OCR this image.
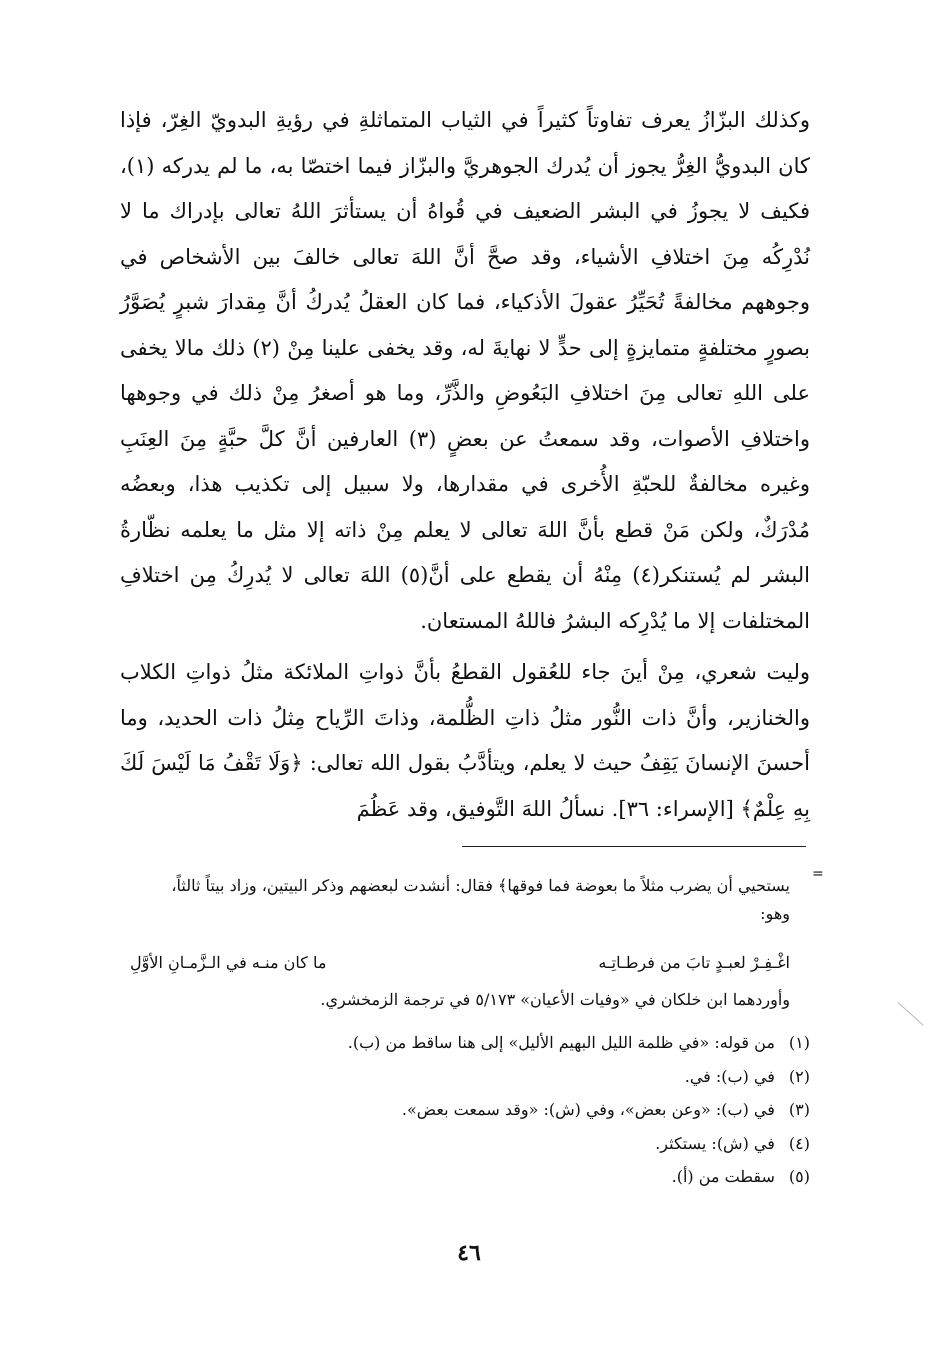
وكذلك البزّازُ يعرف تفاوتاً كثيراً في الثياب المتماثلةِ في رؤيةِ البدويّ الغِرّ، فإذا كان البدويُّ الغِرُّ يجوز أن يُدرك الجوهريَّ والبزّاز فيما اختصّا به، ما لم يدركه (١)، فكيف لا يجوزُ في البشر الضعيف في قُواهُ أن يستأثرَ اللهُ تعالى بإدراك ما لا نُدْرِكُه مِنَ اختلافِ الأشياء، وقد صحَّ أنَّ اللهَ تعالى خالفَ بين الأشخاص في وجوههم مخالفةً تُحَيِّرُ عقولَ الأذكياء، فما كان العقلُ يُدركُ أنَّ مِقدارَ شبرٍ يُصَوَّرُ بصورٍ مختلفةٍ متمايزةٍ إلى حدٍّ لا نهايةَ له، وقد يخفى علينا مِنْ (٢) ذلك مالا يخفى على اللهِ تعالى مِنَ اختلافِ البَعُوضِ والذَّرِّ، وما هو أصغرُ مِنْ ذلك في وجوهها واختلافِ الأصوات، وقد سمعتُ عن بعضٍ (٣) العارفين أنَّ كلَّ حبَّةٍ مِنَ العِنَبِ وغيره مخالفةٌ للحبّةِ الأُخرى في مقدارها، ولا سبيل إلى تكذيب هذا، وبعضُه مُدْرَكٌ، ولكن مَنْ قطع بأنَّ اللهَ تعالى لا يعلم مِنْ ذاته إلا مثل ما يعلمه نظّارةُ البشر لم يُستنكر(٤) مِنْهُ أن يقطع على أنَّ(٥) اللهَ تعالى لا يُدرِكُ مِن اختلافِ المختلفات إلا ما يُدْرِكه البشرُ فاللهُ المستعان.

وليت شعري، مِنْ أينَ جاء للعُقول القطعُ بأنَّ ذواتِ الملائكة مثلُ ذواتِ الكلاب والخنازير، وأنَّ ذات النُّور مثلُ ذاتِ الظُّلمة، وذاتَ الرِّياح مِثلُ ذات الحديد، وما أحسنَ الإنسانَ يَقِفُ حيث لا يعلم، ويتأدَّبُ بقول الله تعالى: ﴿وَلَا تَقْفُ مَا لَيْسَ لَكَ بِهِ عِلْمٌ﴾ [الإسراء: ٣٦]. نسألُ اللهَ التَّوفيق، وقد عَظُمَ

=

يستحيي أن يضرب مثلاً ما بعوضة فما فوقها﴾ فقال: أنشدت لبعضهم وذكر البيتين، وزاد بيتاً ثالثاً، وهو:

اغْـفِـرْ لعبـدٍ تابَ من فرطـاتِـه
ما كان منـه في الـزَّمـانِ الأوَّلِ

وأوردهما ابن خلكان في «وفيات الأعيان» ٥/١٧٣ في ترجمة الزمخشري.

(١)من قوله: «في ظلمة الليل البهيم الأليل» إلى هنا ساقط من (ب).
(٢)في (ب): في.
(٣)في (ب): «وعن بعض»، وفي (ش): «وقد سمعت بعض».
(٤)في (ش): يستكثر.
(٥)سقطت من (أ).
٤٦
